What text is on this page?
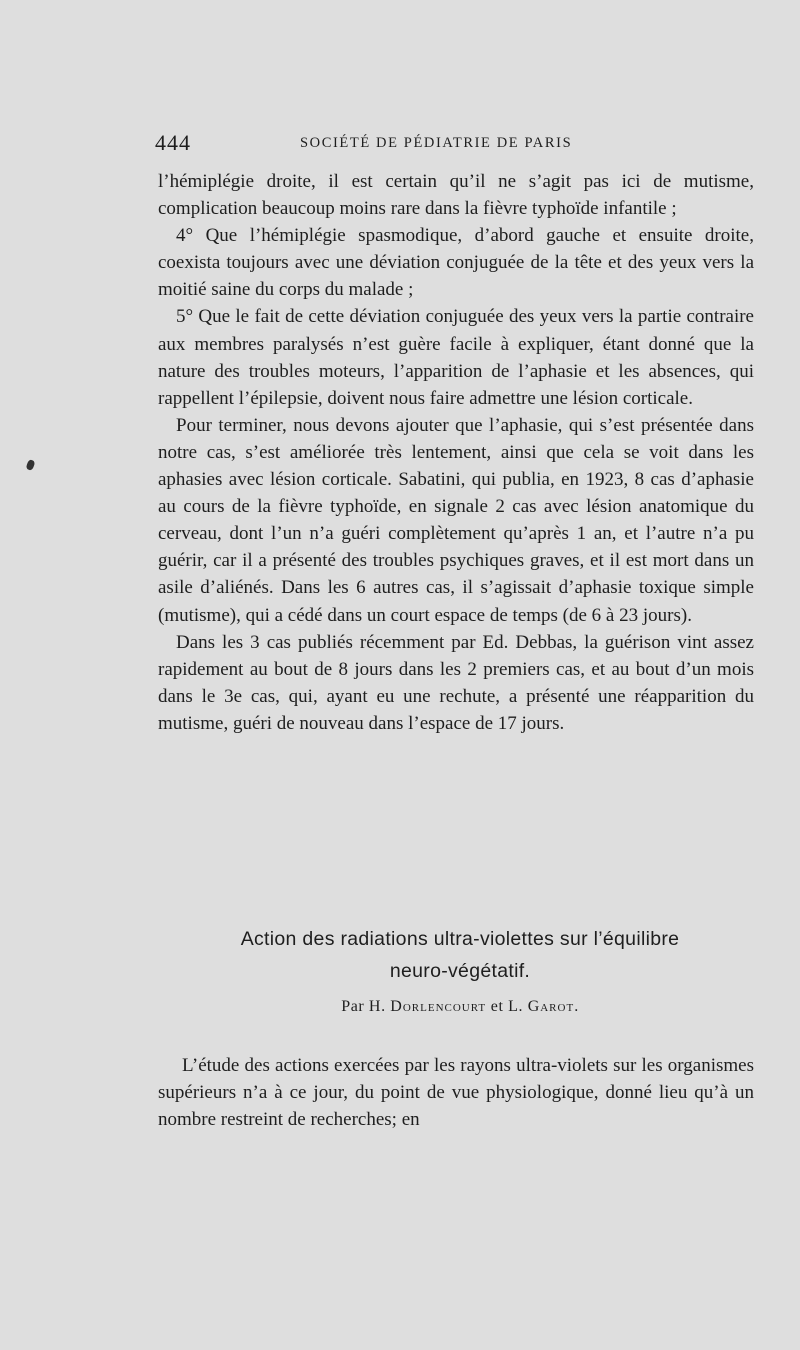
444	SOCIÉTÉ DE PÉDIATRIE DE PARIS

l’hémiplégie droite, il est certain qu’il ne s’agit pas ici de mutisme, complication beaucoup moins rare dans la fièvre typhoïde infantile ;

4° Que l’hémiplégie spasmodique, d’abord gauche et ensuite droite, coexista toujours avec une déviation conjuguée de la tête et des yeux vers la moitié saine du corps du malade ;

5° Que le fait de cette déviation conjuguée des yeux vers la partie contraire aux membres paralysés n’est guère facile à expliquer, étant donné que la nature des troubles moteurs, l’apparition de l’aphasie et les absences, qui rappellent l’épilepsie, doivent nous faire admettre une lésion corticale.

Pour terminer, nous devons ajouter que l’aphasie, qui s’est présentée dans notre cas, s’est améliorée très lentement, ainsi que cela se voit dans les aphasies avec lésion corticale. Sabatini, qui publia, en 1923, 8 cas d’aphasie au cours de la fièvre typhoïde, en signale 2 cas avec lésion anatomique du cerveau, dont l’un n’a guéri complètement qu’après 1 an, et l’autre n’a pu guérir, car il a présenté des troubles psychiques graves, et il est mort dans un asile d’aliénés. Dans les 6 autres cas, il s’agissait d’aphasie toxique simple (mutisme), qui a cédé dans un court espace de temps (de 6 à 23 jours).

Dans les 3 cas publiés récemment par Ed. Debbas, la guérison vint assez rapidement au bout de 8 jours dans les 2 premiers cas, et au bout d’un mois dans le 3e cas, qui, ayant eu une rechute, a présenté une réapparition du mutisme, guéri de nouveau dans l’espace de 17 jours.

Action des radiations ultra-violettes sur l’équilibre
neuro-végétatif.
Par H. Dorlencourt et L. Garot.

L’étude des actions exercées par les rayons ultra-violets sur les organismes supérieurs n’a à ce jour, du point de vue physiologique, donné lieu qu’à un nombre restreint de recherches; en
